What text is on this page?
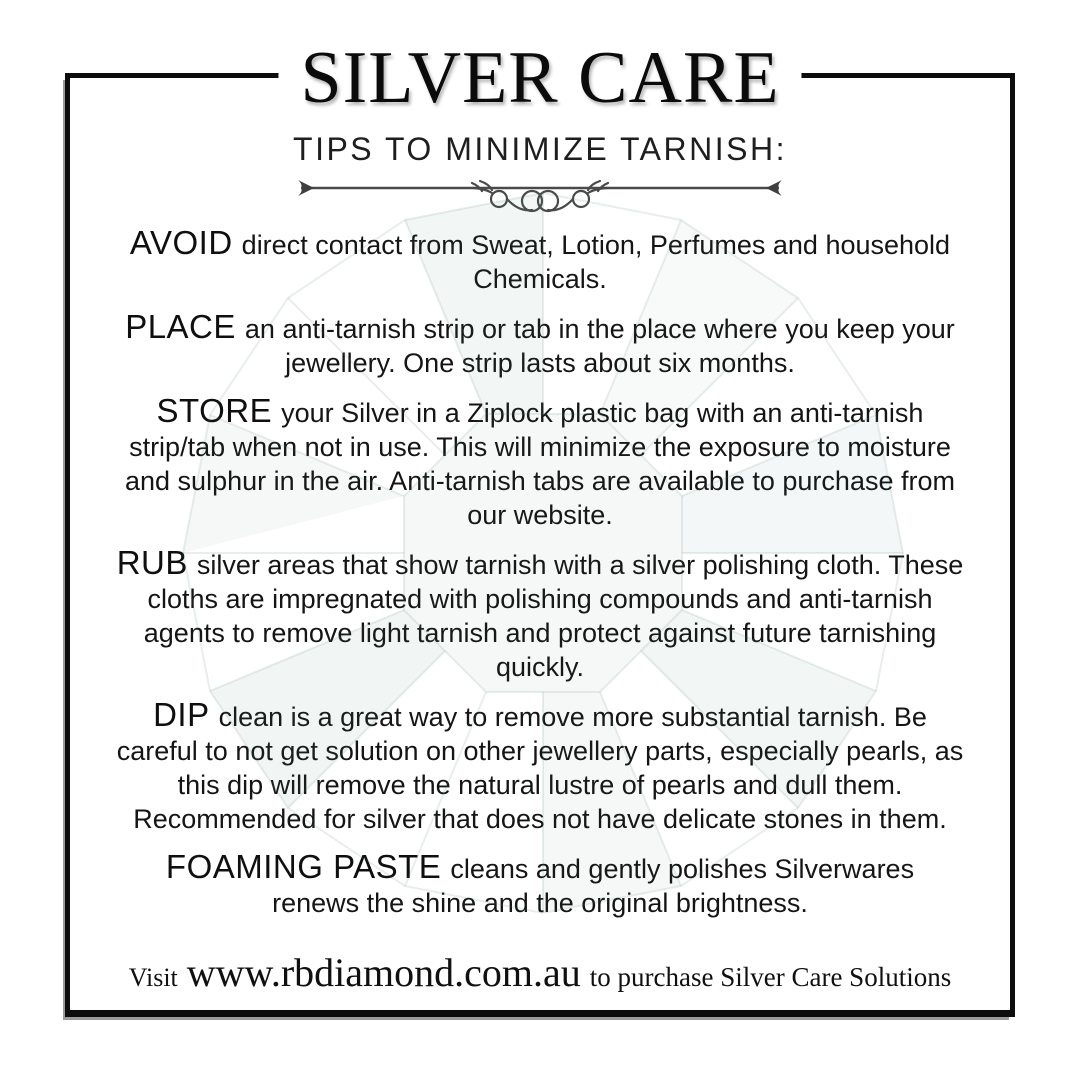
SILVER CARE
TIPS TO MINIMIZE TARNISH:

AVOID direct contact from Sweat, Lotion, Perfumes and household Chemicals.

PLACE an anti-tarnish strip or tab in the place where you keep your jewellery. One strip lasts about six months.

STORE your Silver in a Ziplock plastic bag with an anti-tarnish strip/tab when not in use. This will minimize the exposure to moisture and sulphur in the air. Anti-tarnish tabs are available to purchase from our website.

RUB silver areas that show tarnish with a silver polishing cloth. These cloths are impregnated with polishing compounds and anti-tarnish agents to remove light tarnish and protect against future tarnishing quickly.

DIP clean is a great way to remove more substantial tarnish. Be careful to not get solution on other jewellery parts, especially pearls, as this dip will remove the natural lustre of pearls and dull them. Recommended for silver that does not have delicate stones in them.

FOAMING PASTE cleans and gently polishes Silverwares renews the shine and the original brightness.

Visit www.rbdiamond.com.au to purchase Silver Care Solutions
